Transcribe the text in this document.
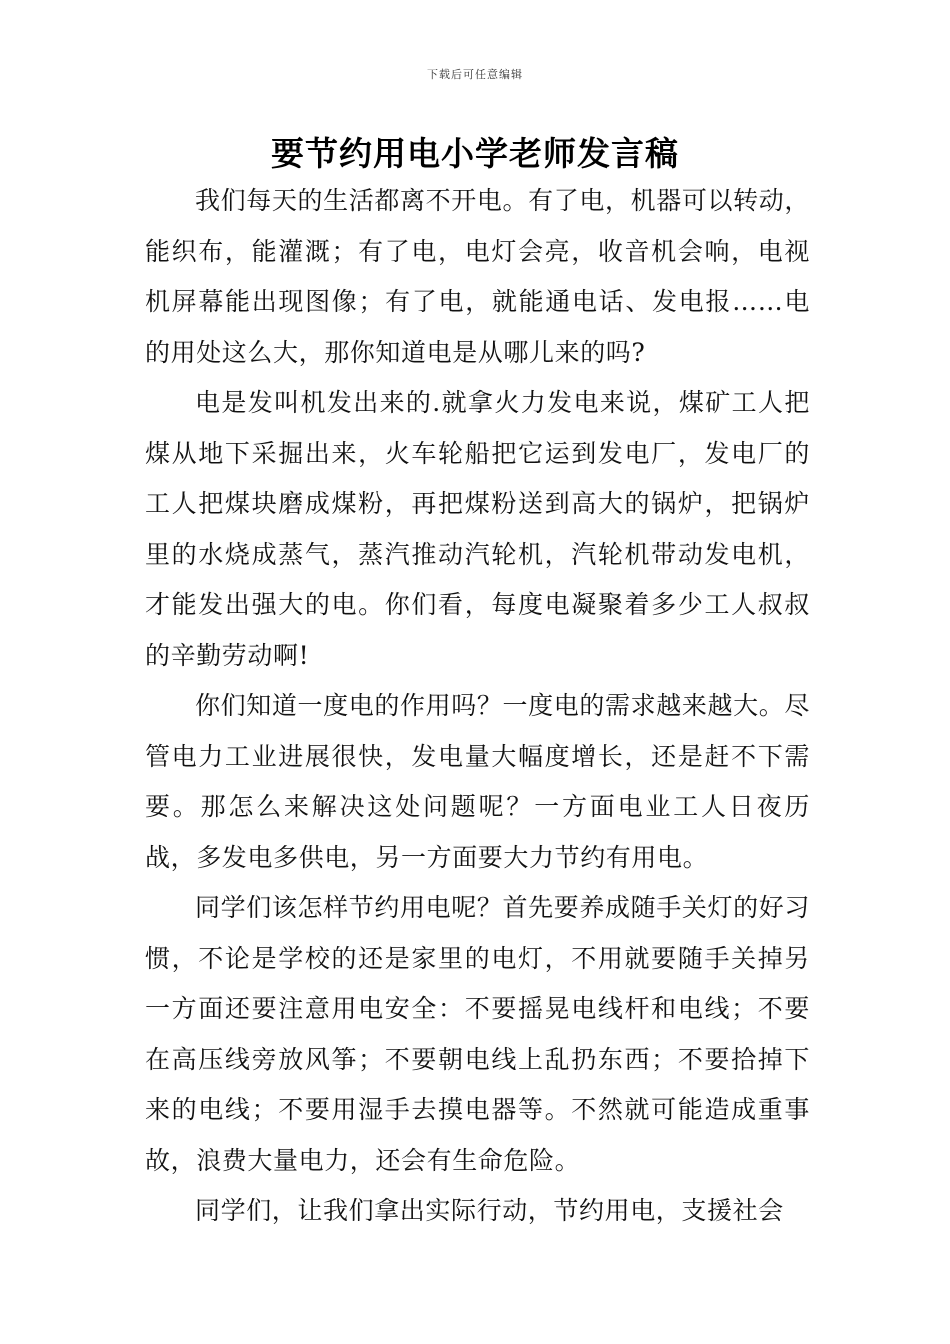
下载后可任意编辑
要节约用电小学老师发言稿

我们每天的生活都离不开电。有了电，机器可以转动，能织布，能灌溉；有了电，电灯会亮，收音机会响，电视机屏幕能出现图像；有了电，就能通电话、发电报……电的用处这么大，那你知道电是从哪儿来的吗?

电是发叫机发出来的.就拿火力发电来说，煤矿工人把煤从地下采掘出来，火车轮船把它运到发电厂，发电厂的工人把煤块磨成煤粉，再把煤粉送到高大的锅炉，把锅炉里的水烧成蒸气，蒸汽推动汽轮机，汽轮机带动发电机，才能发出强大的电。你们看，每度电凝聚着多少工人叔叔的辛勤劳动啊!

你们知道一度电的作用吗？一度电的需求越来越大。尽管电力工业进展很快，发电量大幅度增长，还是赶不下需要。那怎么来解决这处问题呢？一方面电业工人日夜历战，多发电多供电，另一方面要大力节约有用电。

同学们该怎样节约用电呢？首先要养成随手关灯的好习惯，不论是学校的还是家里的电灯，不用就要随手关掉另一方面还要注意用电安全：不要摇晃电线杆和电线；不要在高压线旁放风筝；不要朝电线上乱扔东西；不要拾掉下来的电线；不要用湿手去摸电器等。不然就可能造成重事故，浪费大量电力，还会有生命危险。

同学们，让我们拿出实际行动，节约用电，支援社会
